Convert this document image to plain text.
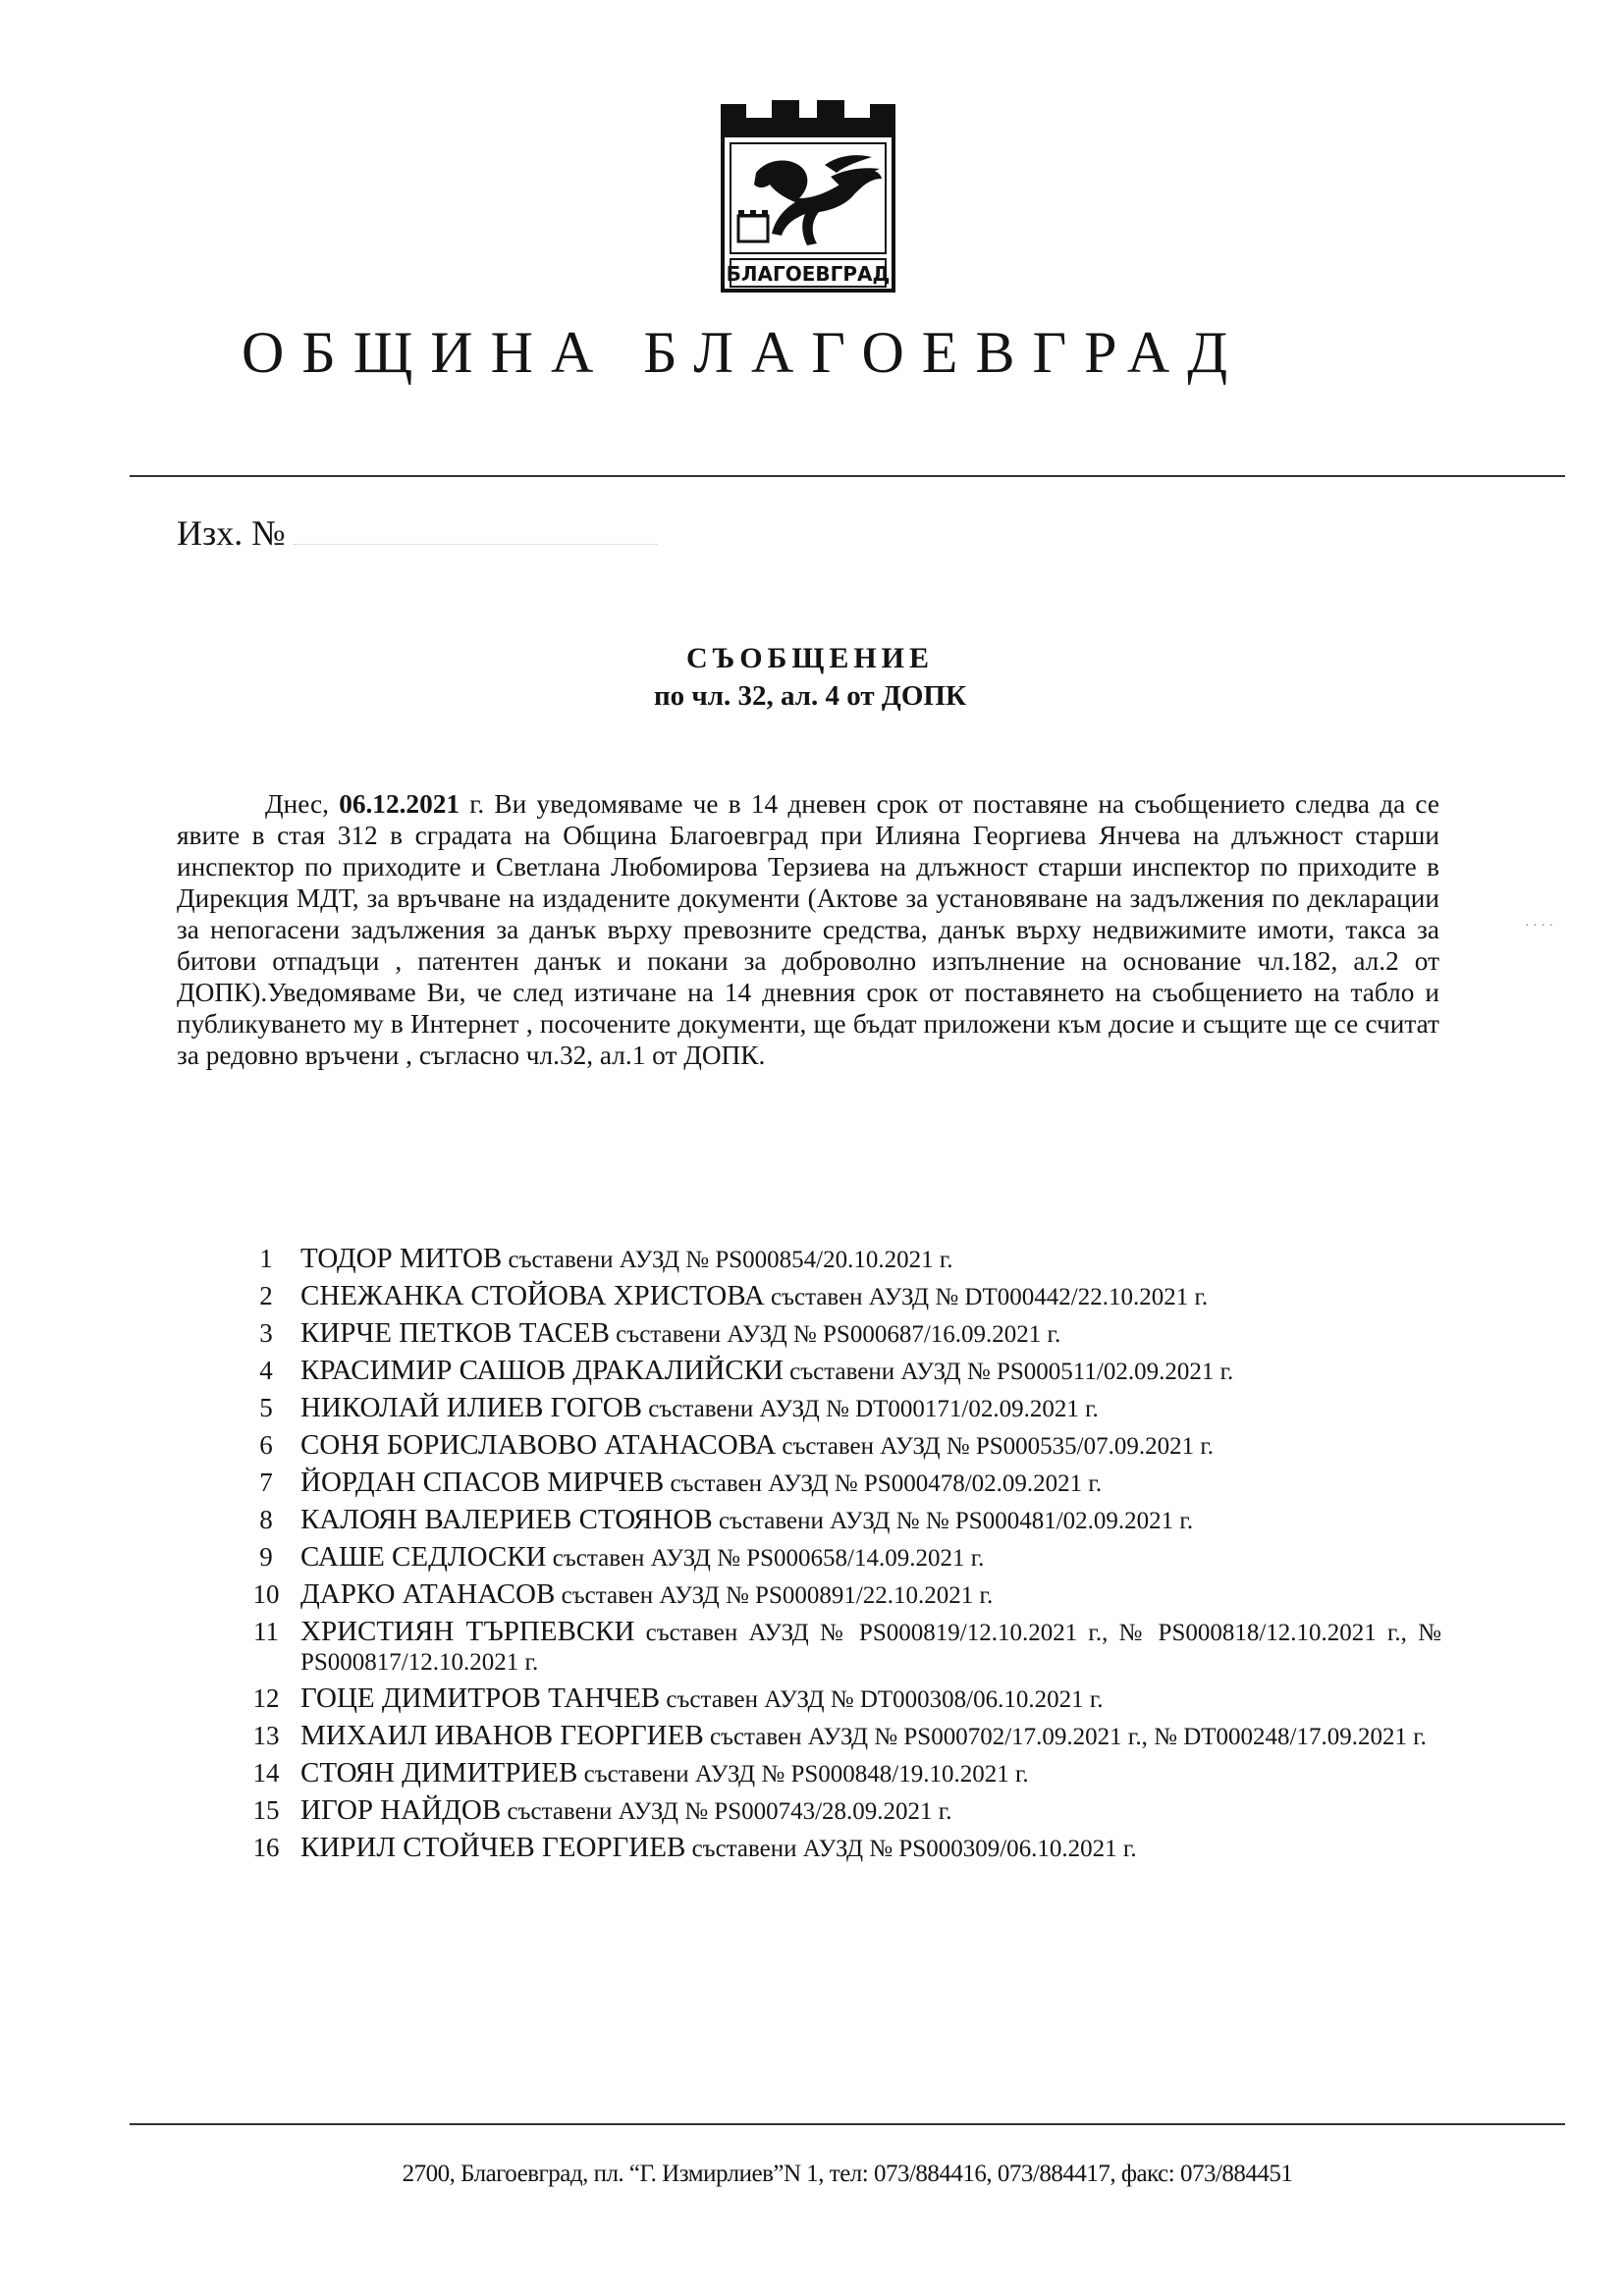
БЛАГОЕВГРАД
ОБЩИНА БЛАГОЕВГРАД
Изх. №
СЪОБЩЕНИЕ
по чл. 32, ал. 4 от ДОПК

Днес, 06.12.2021 г. Ви уведомяваме че в 14 дневен срок от поставяне на съобщението следва да се явите в стая 312 в сградата на Община Благоевград при Илияна Георгиева Янчева на длъжност старши инспектор по приходите и Светлана Любомирова Терзиева на длъжност старши инспектор по приходите в Дирекция МДТ, за връчване на издадените документи (Актове за установяване на задължения по декларации за непогасени задължения за данък върху превозните средства, данък върху недвижимите имоти, такса за битови отпадъци , патентен данък и покани за доброволно изпълнение на основание чл.182, ал.2 от ДОПК).Уведомяваме Ви, че след изтичане на 14 дневния срок от поставянето на съобщението на табло и публикуването му в Интернет , посочените документи, ще бъдат приложени към досие и същите ще се считат за редовно връчени , съгласно чл.32, ал.1 от ДОПК.

1 ТОДОР МИТОВ съставени АУЗД № PS000854/20.10.2021 г.
2 СНЕЖАНКА СТОЙОВА ХРИСТОВА съставен АУЗД № DT000442/22.10.2021 г.
3 КИРЧЕ ПЕТКОВ ТАСЕВ съставени АУЗД № PS000687/16.09.2021 г.
4 КРАСИМИР САШОВ ДРАКАЛИЙСКИ съставени АУЗД № PS000511/02.09.2021 г.
5 НИКОЛАЙ ИЛИЕВ ГОГОВ съставени АУЗД № DT000171/02.09.2021 г.
6 СОНЯ БОРИСЛАВОВО АТАНАСОВА съставен АУЗД № PS000535/07.09.2021 г.
7 ЙОРДАН СПАСОВ МИРЧЕВ съставен АУЗД № PS000478/02.09.2021 г.
8 КАЛОЯН ВАЛЕРИЕВ СТОЯНОВ съставени АУЗД № № PS000481/02.09.2021 г.
9 САШЕ СЕДЛОСКИ съставен АУЗД № PS000658/14.09.2021 г.
10 ДАРКО АТАНАСОВ съставен АУЗД № PS000891/22.10.2021 г.
11 ХРИСТИЯН ТЪРПЕВСКИ съставен АУЗД № PS000819/12.10.2021 г., № PS000818/12.10.2021 г., № PS000817/12.10.2021 г.
12 ГОЦЕ ДИМИТРОВ ТАНЧЕВ съставен АУЗД № DT000308/06.10.2021 г.
13 МИХАИЛ ИВАНОВ ГЕОРГИЕВ съставен АУЗД № PS000702/17.09.2021 г., № DT000248/17.09.2021 г.
14 СТОЯН ДИМИТРИЕВ съставени АУЗД № PS000848/19.10.2021 г.
15 ИГОР НАЙДОВ съставени АУЗД № PS000743/28.09.2021 г.
16 КИРИЛ СТОЙЧЕВ ГЕОРГИЕВ съставени АУЗД № PS000309/06.10.2021 г.
2700, Благоевград, пл. “Г. Измирлиев”N 1, тел: 073/884416, 073/884417, факс: 073/884451
· · · ·
